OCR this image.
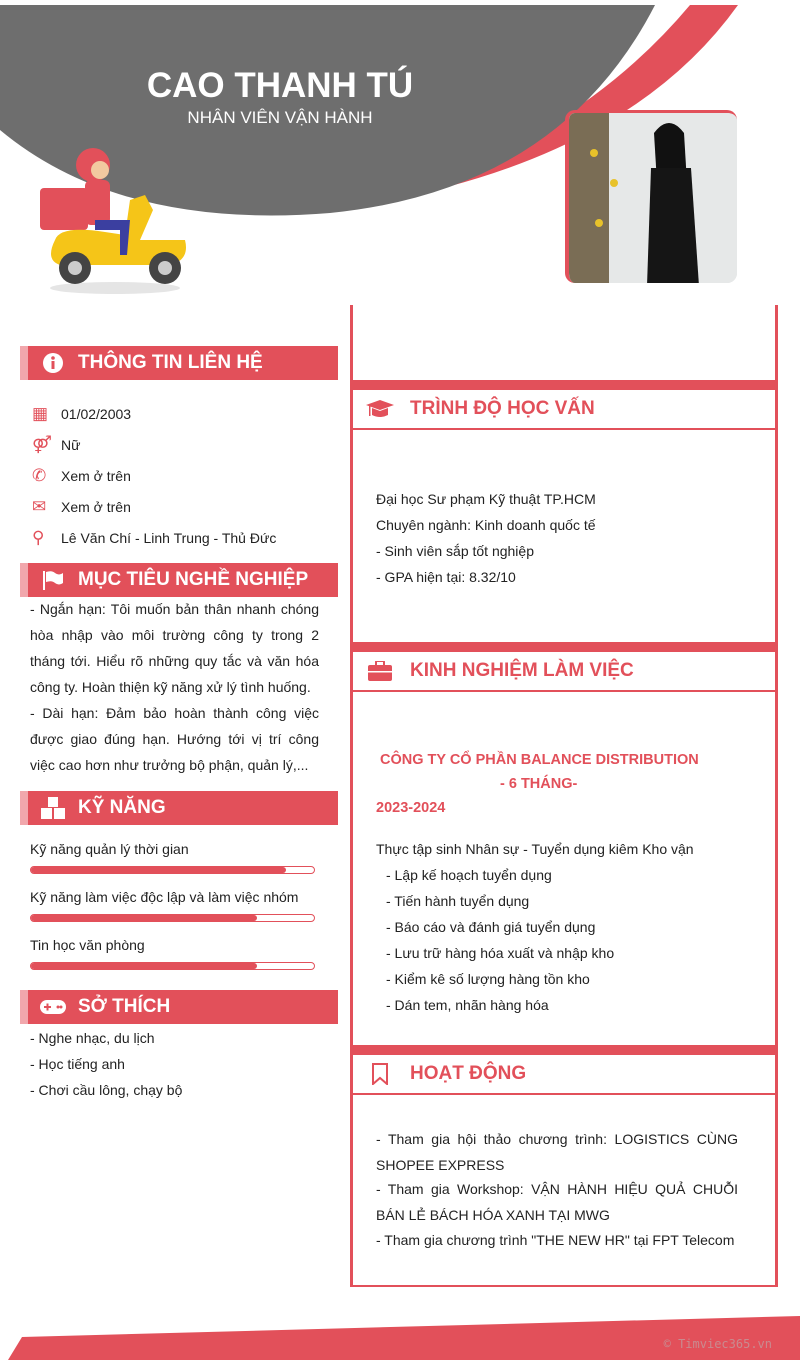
CAO THANH TÚ
NHÂN VIÊN VẬN HÀNH
THÔNG TIN LIÊN HỆ
▦ 01/02/2003
⚤ Nữ
✆	Xem ở trên
✉	Xem ở trên
⚲	Lê Văn Chí - Linh Trung - Thủ Đức
MỤC TIÊU NGHỀ NGHIỆP
- Ngắn hạn: Tôi muốn bản thân nhanh chóng hòa nhập vào môi trường công ty trong 2 tháng tới. Hiểu rõ những quy tắc và văn hóa công ty. Hoàn thiện kỹ năng xử lý tình huống.
- Dài hạn: Đảm bảo hoàn thành công việc được giao đúng hạn. Hướng tới vị trí công việc cao hơn như trưởng bộ phận, quản lý,...
KỸ NĂNG
Kỹ năng quản lý thời gian
Kỹ năng làm việc độc lập và làm việc nhóm
Tin học văn phòng
SỞ THÍCH
- Nghe nhạc, du lịch
- Học tiếng anh
- Chơi cầu lông, chạy bộ
TRÌNH ĐỘ HỌC VẤN
Đại học Sư phạm Kỹ thuật TP.HCM
Chuyên ngành: Kinh doanh quốc tế
- Sinh viên sắp tốt nghiệp
- GPA hiện tại: 8.32/10
KINH NGHIỆM LÀM VIỆC
CÔNG TY CỔ PHẦN BALANCE DISTRIBUTION
- 6 THÁNG-
2023-2024
Thực tập sinh Nhân sự - Tuyển dụng kiêm Kho vận
- Lập kế hoạch tuyển dụng
- Tiến hành tuyển dụng
- Báo cáo và đánh giá tuyển dụng
- Lưu trữ hàng hóa xuất và nhập kho
- Kiểm kê số lượng hàng tồn kho
- Dán tem, nhãn hàng hóa
HOẠT ĐỘNG
- Tham gia hội thảo chương trình: LOGISTICS CÙNG SHOPEE EXPRESS
- Tham gia Workshop: VẬN HÀNH HIỆU QUẢ CHUỖI BÁN LẺ BÁCH HÓA XANH TẠI MWG
- Tham gia chương trình "THE NEW HR" tại FPT Telecom
© Timviec365.vn
